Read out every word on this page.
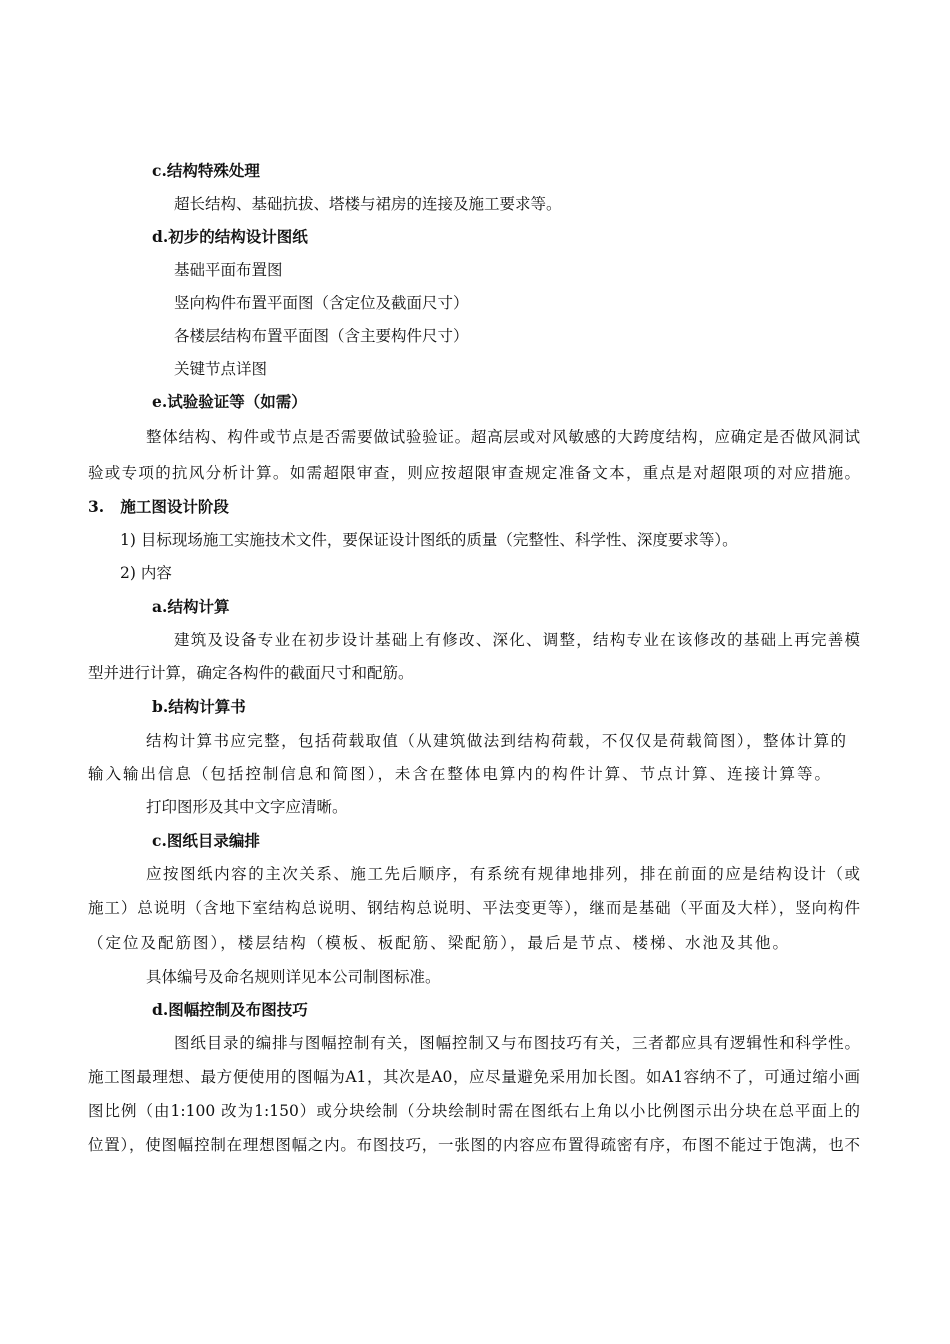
c.结构特殊处理
超长结构、基础抗拔、塔楼与裙房的连接及施工要求等。
d.初步的结构设计图纸
基础平面布置图
竖向构件布置平面图（含定位及截面尺寸）
各楼层结构布置平面图（含主要构件尺寸）
关键节点详图
e.试验验证等（如需）
整体结构、构件或节点是否需要做试验验证。超高层或对风敏感的大跨度结构，应确定是否做风洞试
验或专项的抗风分析计算。如需超限审查，则应按超限审查规定准备文本，重点是对超限项的对应措施。
3.   施工图设计阶段
1) 目标现场施工实施技术文件，要保证设计图纸的质量（完整性、科学性、深度要求等）。
2) 内容
a.结构计算
建筑及设备专业在初步设计基础上有修改、深化、调整，结构专业在该修改的基础上再完善模
型并进行计算，确定各构件的截面尺寸和配筋。
b.结构计算书
结构计算书应完整，包括荷载取值（从建筑做法到结构荷载，不仅仅是荷载简图），整体计算的
输入输出信息（包括控制信息和简图），未含在整体电算内的构件计算、节点计算、连接计算等。
打印图形及其中文字应清晰。
c.图纸目录编排
应按图纸内容的主次关系、施工先后顺序，有系统有规律地排列，排在前面的应是结构设计（或
施工）总说明（含地下室结构总说明、钢结构总说明、平法变更等），继而是基础（平面及大样），竖向构件
（定位及配筋图），楼层结构（模板、板配筋、梁配筋），最后是节点、楼梯、水池及其他。
具体编号及命名规则详见本公司制图标准。
d.图幅控制及布图技巧
图纸目录的编排与图幅控制有关，图幅控制又与布图技巧有关，三者都应具有逻辑性和科学性。
施工图最理想、最方便使用的图幅为A1，其次是A0，应尽量避免采用加长图。如A1容纳不了，可通过缩小画
图比例（由1:100 改为1:150）或分块绘制（分块绘制时需在图纸右上角以小比例图示出分块在总平面上的
位置），使图幅控制在理想图幅之内。布图技巧，一张图的内容应布置得疏密有序，布图不能过于饱满，也不
